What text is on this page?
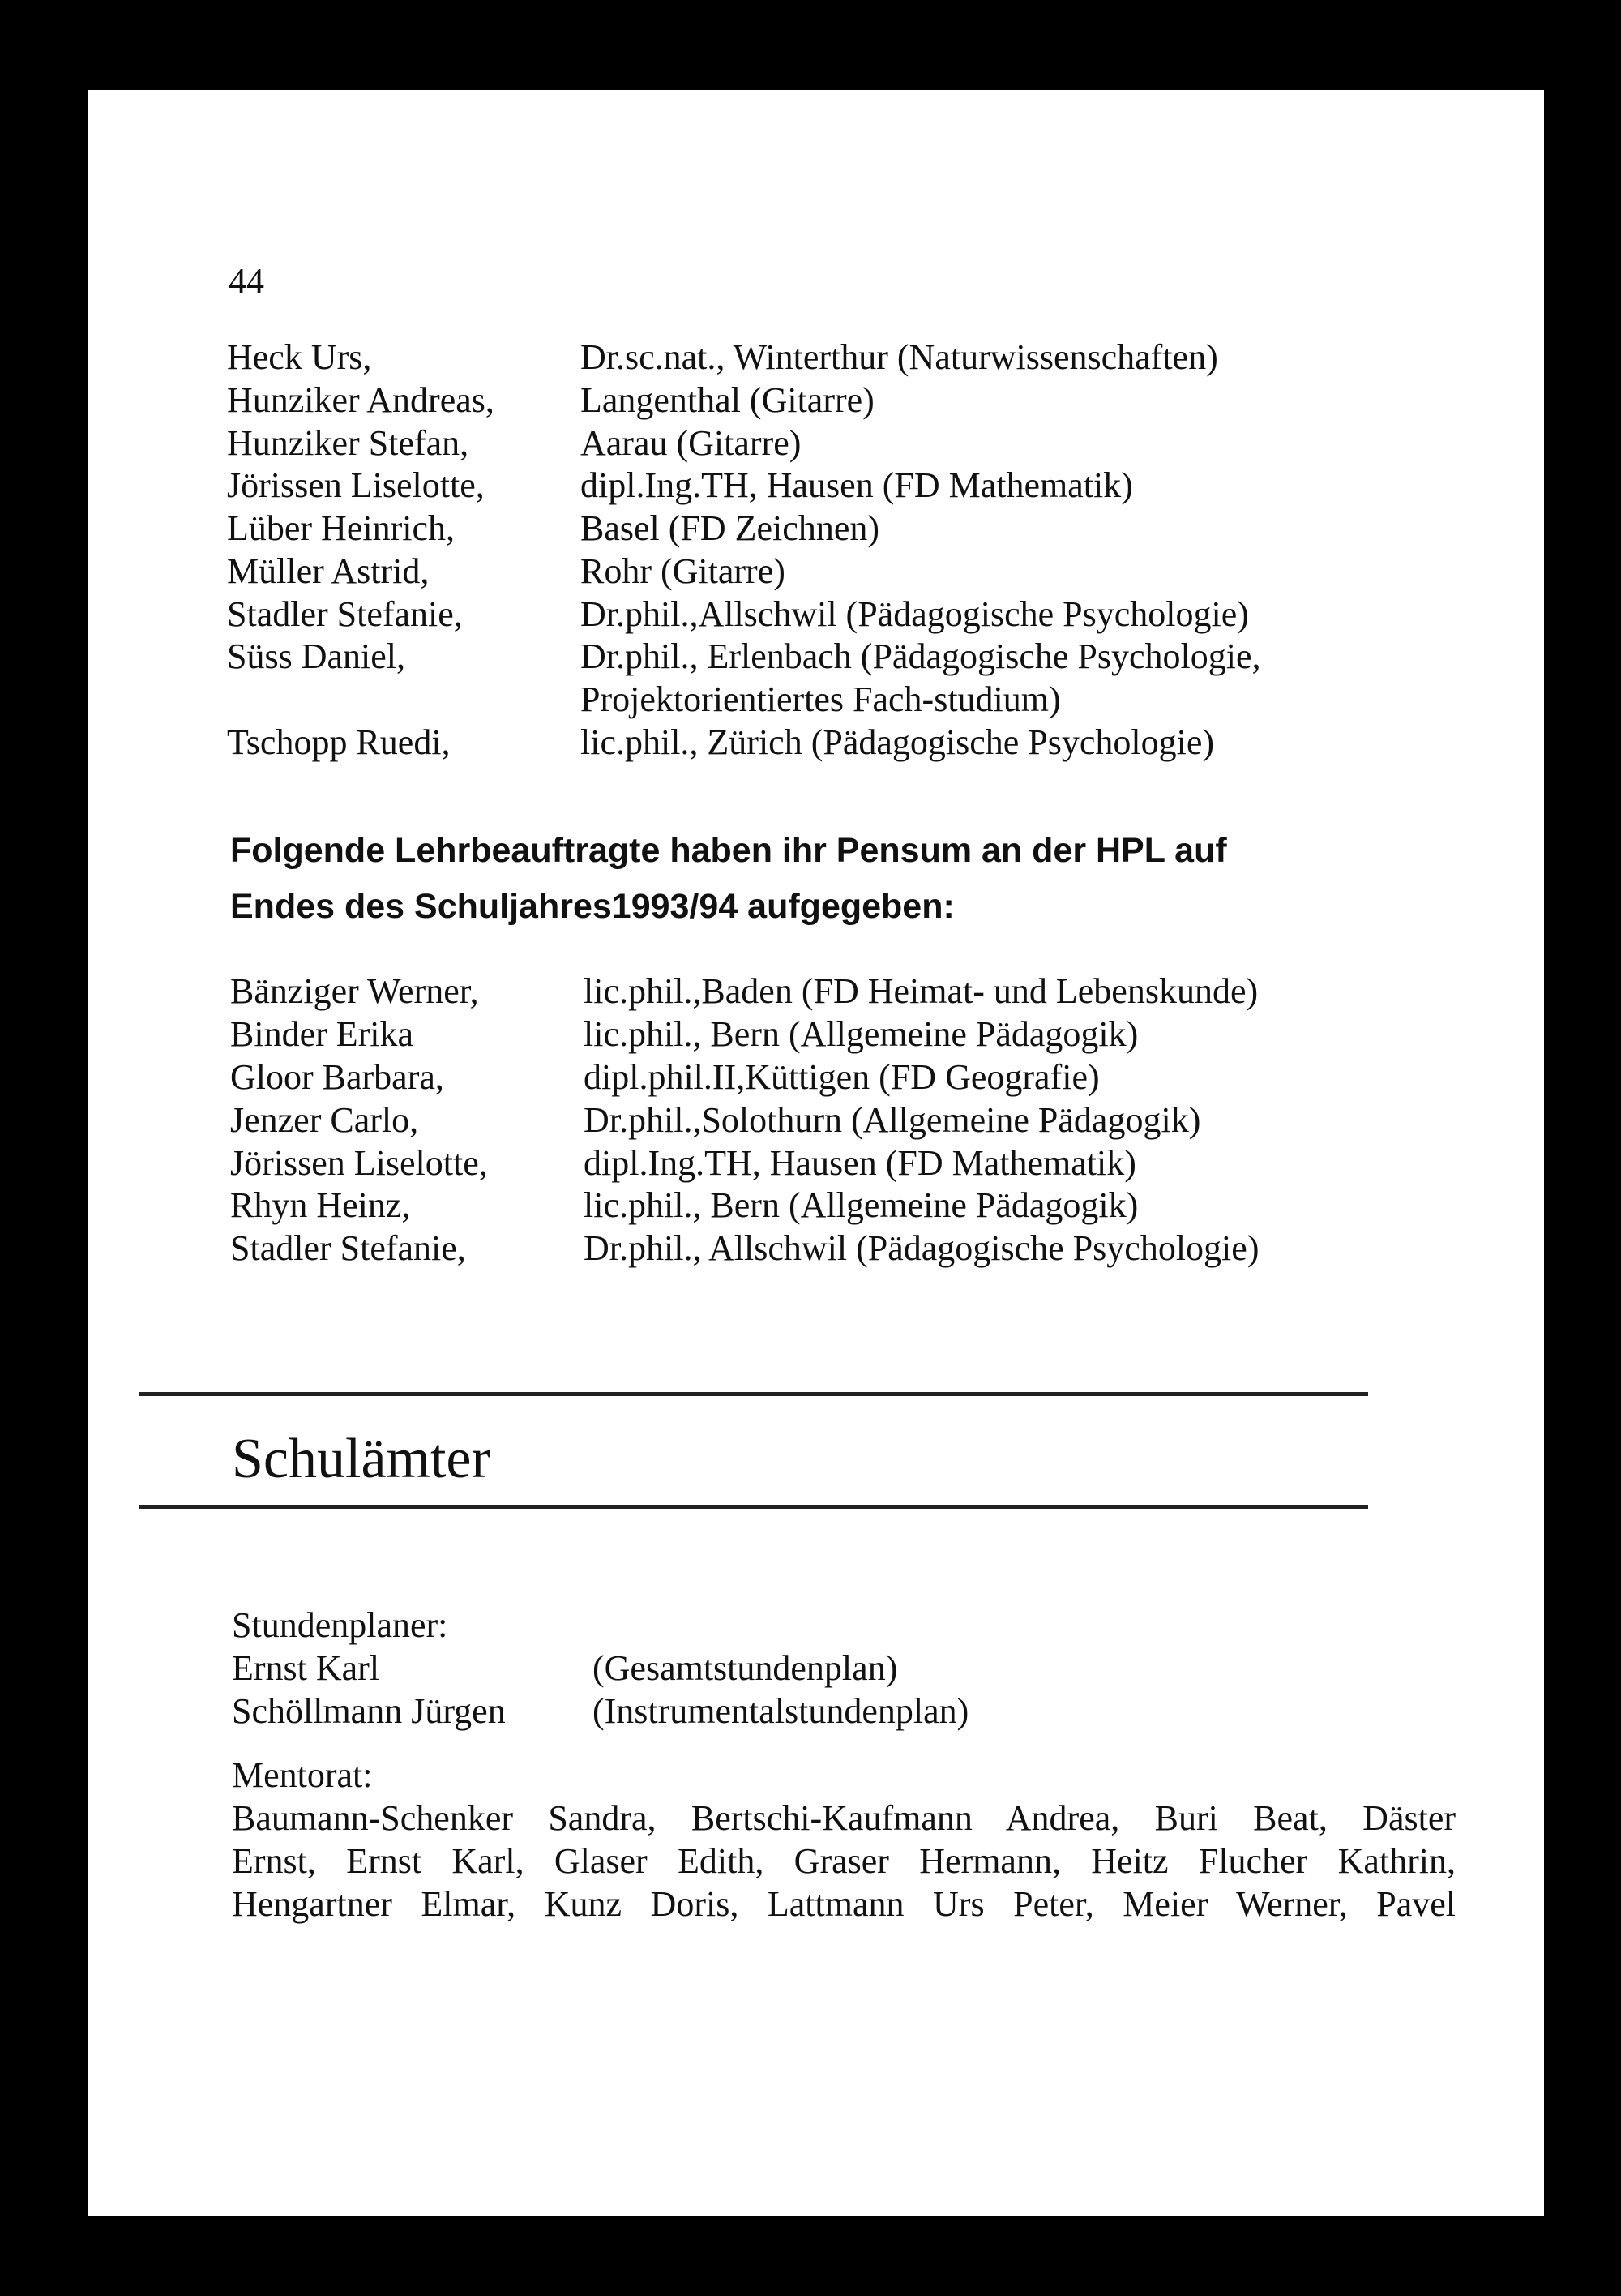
44
Heck Urs,	Dr.sc.nat., Winterthur (Naturwissenschaften)
Hunziker Andreas, Langenthal (Gitarre)
Hunziker Stefan,	Aarau (Gitarre)
Jörissen Liselotte,	dipl.Ing.TH, Hausen (FD Mathematik)
Lüber Heinrich,	Basel (FD Zeichnen)
Müller Astrid,	Rohr (Gitarre)
Stadler Stefanie,	Dr.phil.,Allschwil (Pädagogische Psychologie)
Süss Daniel,	Dr.phil., Erlenbach (Pädagogische Psychologie,
Projektorientiertes Fach-studium)
Tschopp Ruedi,	lic.phil., Zürich (Pädagogische Psychologie)
Folgende Lehrbeauftragte haben ihr Pensum an der HPL auf
Endes des Schuljahres1993/94 aufgegeben:
Bänziger Werner,	lic.phil.,Baden (FD Heimat- und Lebenskunde)
Binder Erika	lic.phil., Bern (Allgemeine Pädagogik)
Gloor Barbara,	dipl.phil.II,Küttigen (FD Geografie)
Jenzer Carlo,	Dr.phil.,Solothurn (Allgemeine Pädagogik)
Jörissen Liselotte,	dipl.Ing.TH, Hausen (FD Mathematik)
Rhyn Heinz,	lic.phil., Bern (Allgemeine Pädagogik)
Stadler Stefanie,	Dr.phil., Allschwil (Pädagogische Psychologie)
Schulämter
Stundenplaner:
Ernst Karl	(Gesamtstundenplan)
Schöllmann Jürgen (Instrumentalstundenplan)
Mentorat:
Baumann-Schenker Sandra, Bertschi-Kaufmann Andrea, Buri Beat, Däster
Ernst, Ernst Karl, Glaser Edith, Graser Hermann, Heitz Flucher Kathrin,
Hengartner Elmar, Kunz Doris, Lattmann Urs Peter, Meier Werner, Pavel
